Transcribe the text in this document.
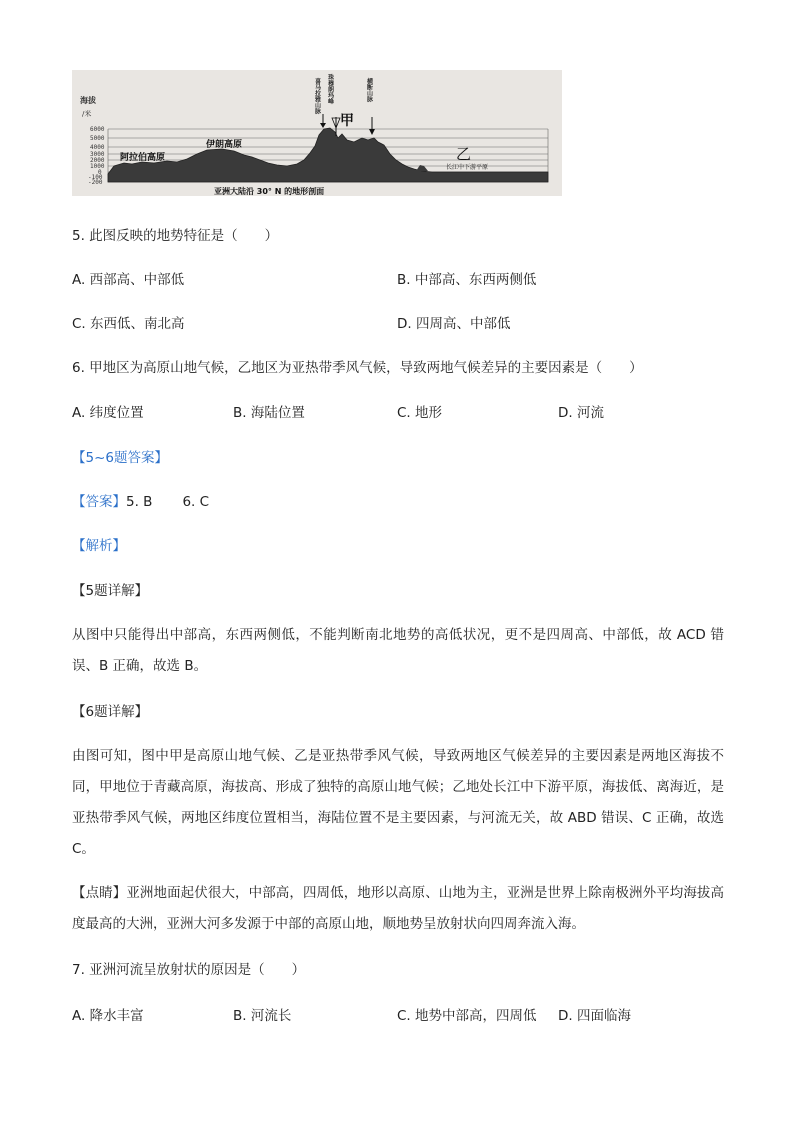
海拔
/米
6000
5000
4000
3000
2000
1000
0
-100
-200
喜马拉雅山脉 珠穆朗玛峰	横断山脉
阿拉伯高原
伊朗高原
甲
乙
长江中下游平原
亚洲大陆沿 30° N 的地形剖面
5. 此图反映的地势特征是（　　）
A. 西部高、中部低	B. 中部高、东西两侧低
C. 东西低、南北高	D. 四周高、中部低
6. 甲地区为高原山地气候，乙地区为亚热带季风气候，导致两地气候差异的主要因素是（　　）
A. 纬度位置	B. 海陆位置	C. 地形	D. 河流
【5~6题答案】
【答案】5. B 6. C
【解析】
【5题详解】
从图中只能得出中部高，东西两侧低，不能判断南北地势的高低状况，更不是四周高、中部低，故 ACD 错误、B 正确，故选 B。
【6题详解】
由图可知，图中甲是高原山地气候、乙是亚热带季风气候，导致两地区气候差异的主要因素是两地区海拔不同，甲地位于青藏高原，海拔高、形成了独特的高原山地气候；乙地处长江中下游平原，海拔低、离海近，是亚热带季风气候，两地区纬度位置相当，海陆位置不是主要因素，与河流无关，故 ABD 错误、C 正确，故选 C。
【点睛】亚洲地面起伏很大，中部高，四周低，地形以高原、山地为主，亚洲是世界上除南极洲外平均海拔高度最高的大洲，亚洲大河多发源于中部的高原山地，顺地势呈放射状向四周奔流入海。
7. 亚洲河流呈放射状的原因是（　　）
A. 降水丰富	B. 河流长	C. 地势中部高，四周低 D. 四面临海
